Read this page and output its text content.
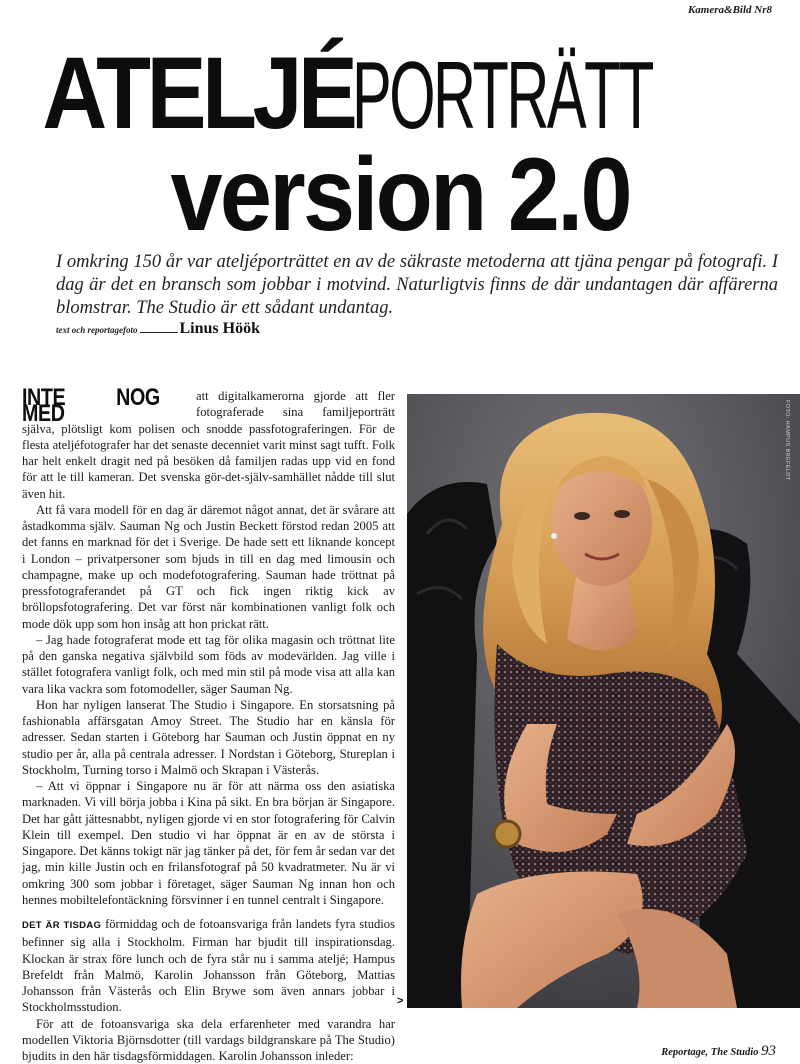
Kamera&Bild Nr8
ATELJÉPORTRÄTT
version 2.0

I omkring 150 år var ateljéporträttet en av de säkraste metoderna att tjäna pengar på fotografi. I dag är det en bransch som jobbar i motvind. Naturligtvis finns de där undantagen där affärerna blomstrar. The Studio är ett sådant undantag.

text och reportagefoto	Linus Höök

INTE NOG MED
att digitalkamerorna gjorde att fler fotograferade sina familjeporträtt själva, plötsligt kom polisen och snodde passfotograferingen. För de flesta ateljéfotografer har det senaste decenniet varit minst sagt tufft. Folk har helt enkelt dragit ned på besöken då familjen radas upp vid en fond för att le till kameran. Det svenska gör-det-själv-samhället nådde till slut även hit.

Att få vara modell för en dag är däremot något annat, det är svårare att åstadkomma själv. Sauman Ng och Justin Beckett förstod redan 2005 att det fanns en marknad för det i Sverige. De hade sett ett liknande koncept i London – privatpersoner som bjuds in till en dag med limousin och champagne, make up och modefotografering. Sauman hade tröttnat på pressfotograferandet på GT och fick ingen riktig kick av bröllopsfotografering. Det var först när kombinationen vanligt folk och mode dök upp som hon insåg att hon prickat rätt.

– Jag hade fotograferat mode ett tag för olika magasin och tröttnat lite på den ganska negativa självbild som föds av modevärlden. Jag ville i stället fotografera vanligt folk, och med min stil på mode visa att alla kan vara lika vackra som fotomodeller, säger Sauman Ng.

Hon har nyligen lanserat The Studio i Singapore. En storsatsning på fashionabla affärsgatan Amoy Street. The Studio har en känsla för adresser. Sedan starten i Göteborg har Sauman och Justin öppnat en ny studio per år, alla på centrala adresser. I Nordstan i Göteborg, Stureplan i Stockholm, Turning torso i Malmö och Skrapan i Västerås.

– Att vi öppnar i Singapore nu är för att närma oss den asiatiska marknaden. Vi vill börja jobba i Kina på sikt. En bra början är Singapore. Det har gått jättesnabbt, nyligen gjorde vi en stor fotografering för Calvin Klein till exempel. Den studio vi har öppnat är en av de största i Singapore. Det känns tokigt när jag tänker på det, för fem år sedan var det jag, min kille Justin och en frilansfotograf på 50 kvadratmeter. Nu är vi omkring 300 som jobbar i företaget, säger Sauman Ng innan hon och hennes mobiltelefontäckning försvinner i en tunnel centralt i Singapore.

DET ÄR TISDAG förmiddag och de fotoansvariga från landets fyra studios befinner sig alla i Stockholm. Firman har bjudit till inspirationsdag. Klockan är strax före lunch och de fyra står nu i samma ateljé; Hampus Brefeldt från Malmö, Karolin Johansson från Göteborg, Mattias Johansson från Västerås och Elin Brywe som även annars jobbar i Stockholmsstudion.

För att de fotoansvariga ska dela erfarenheter med varandra har modellen Viktoria Björnsdotter (till vardags bildgranskare på The Studio) bjudits in den här tisdagsförmiddagen. Karolin Johansson inleder:

>
FOTO: HAMPUS BREFELDT
Reportage, The Studio 93
